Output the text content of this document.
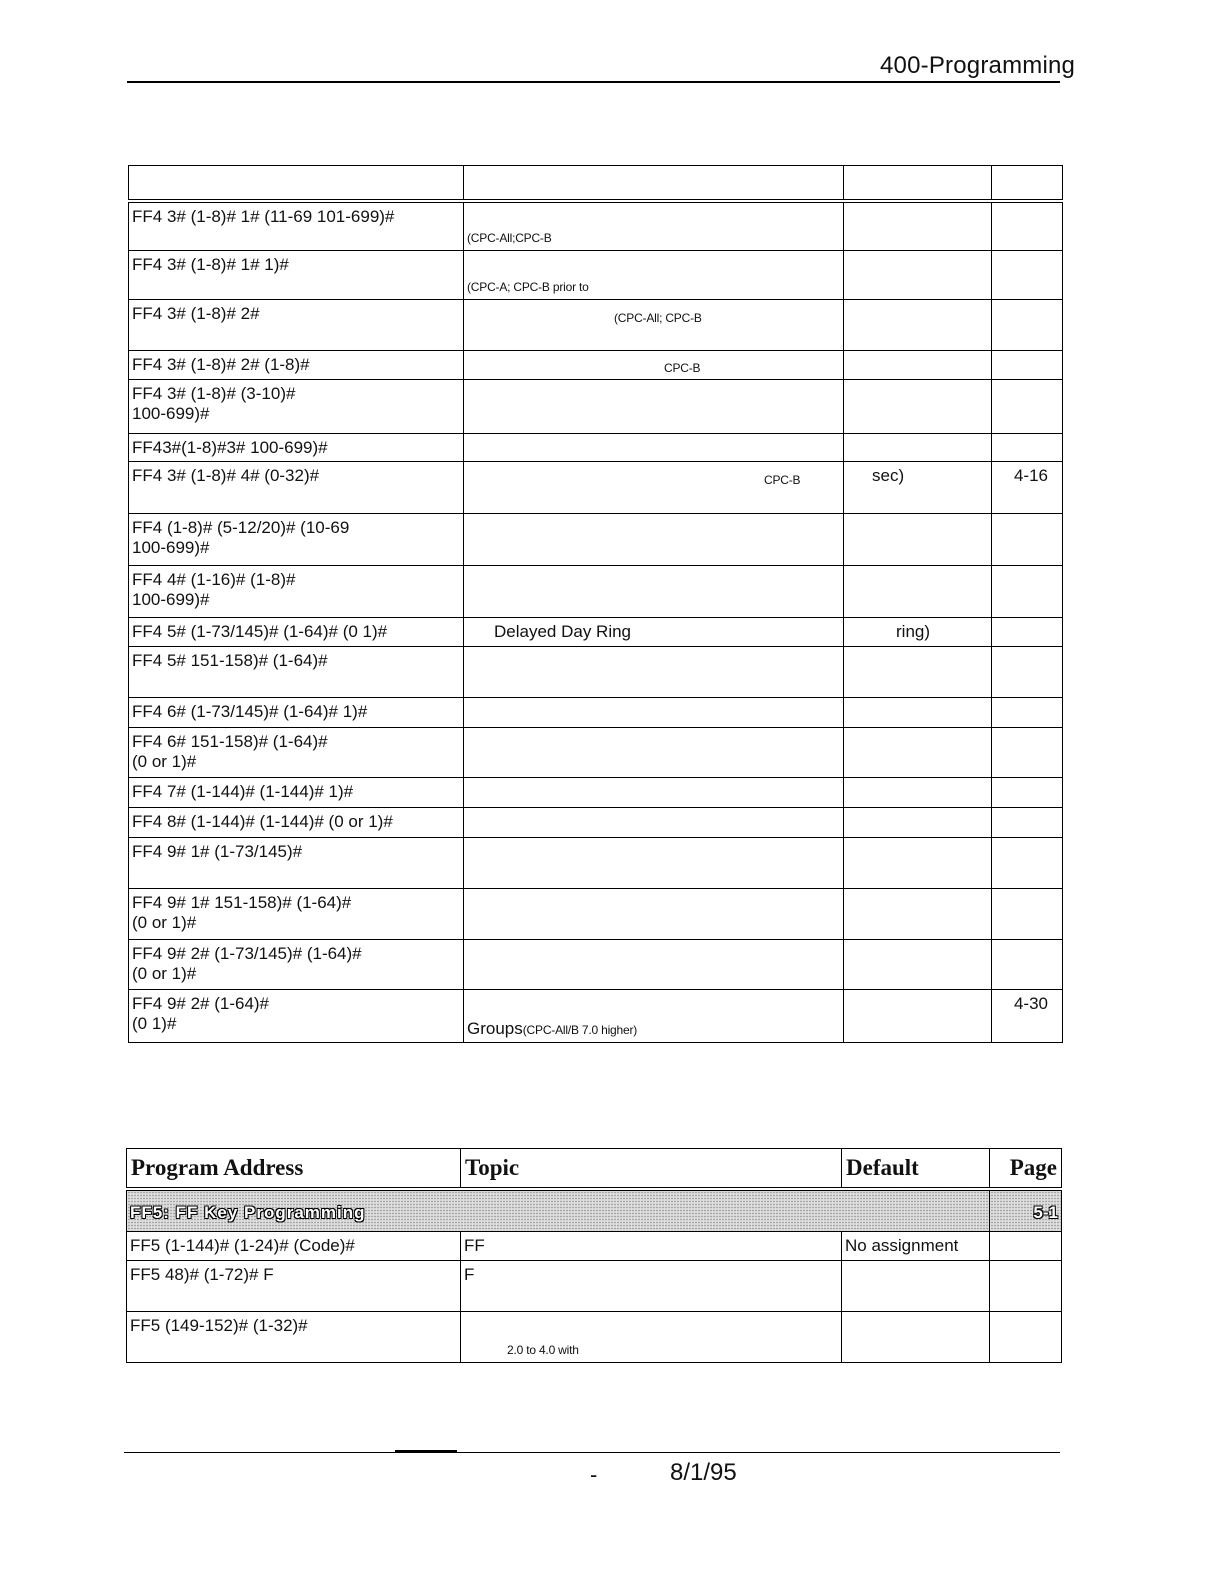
400-Programming

FF4 3# (1-8)# 1# (11-69 101-699)#	(CPC-All;CPC-B		

FF4 3# (1-8)# 1# 1)#	(CPC-A; CPC-B prior to		

FF4 3# (1-8)# 2#	(CPC-All; CPC-B		

FF4 3# (1-8)# 2# (1-8)#	CPC-B		

FF4 3# (1-8)# (3-10)#
100-699)#			

FF43#(1-8)#3# 100-699)#			
FF4 3# (1-8)# 4# (0-32)#	CPC-B	sec)	4-16

FF4 (1-8)# (5-12/20)# (10-69
100-699)#			

FF4 4# (1-16)# (1-8)#
100-699)#			

FF4 5# (1-73/145)# (1-64)# (0 1)#	Delayed Day Ring	ring)	
FF4 5# 151-158)# (1-64)#			
FF4 6# (1-73/145)# (1-64)# 1)#			

FF4 6# 151-158)# (1-64)#
(0 or 1)#			

FF4 7# (1-144)# (1-144)# 1)#			
FF4 8# (1-144)# (1-144)# (0 or 1)#			
FF4 9# 1# (1-73/145)#			

FF4 9# 1# 151-158)# (1-64)#
(0 or 1)#			

FF4 9# 2# (1-73/145)# (1-64)#
(0 or 1)#			

FF4 9# 2# (1-64)#
(0 1)#	Groups(CPC-All/B 7.0 higher)		4-30
Program Address	Topic	Default	Page
FF5: FF Key Programming			5-1
FF5 (1-144)# (1-24)# (Code)#	FF	No assignment	
FF5 48)# (1-72)# F	F		
FF5 (149-152)# (1-32)#	2.0 to 4.0 with		

-	8/1/95
